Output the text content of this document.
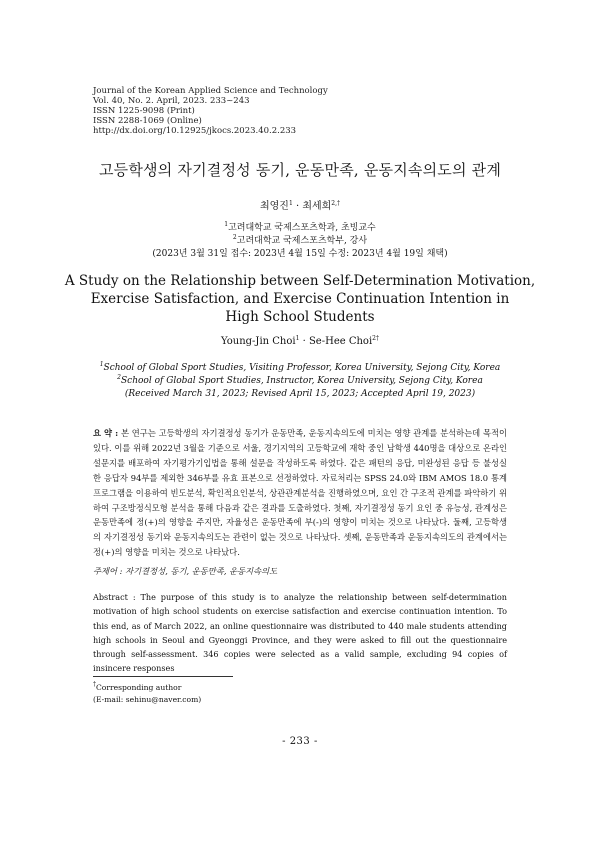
Journal of the Korean Applied Science and Technology
Vol. 40, No. 2. April, 2023. 233~243
ISSN 1225-9098 (Print)
ISSN 2288-1069 (Online)
http://dx.doi.org/10.12925/jkocs.2023.40.2.233
고등학생의 자기결정성 동기, 운동만족, 운동지속의도의 관계
최영진$^1$ · 최세희$^{2,\dagger}$
$^1$고려대학교 국제스포츠학과, 초빙교수
$^2$고려대학교 국제스포츠학부, 강사
(2023년 3월 31일 접수: 2023년 4월 15일 수정: 2023년 4월 19일 채택)
A Study on the Relationship between Self-Determination Motivation,
Exercise Satisfaction, and Exercise Continuation Intention in
High School Students
Young-Jin Choi$^1$ · Se-Hee Choi$^{2\dagger}$
$^1$School of Global Sport Studies, Visiting Professor, Korea University, Sejong City, Korea
$^2$School of Global Sport Studies, Instructor, Korea University, Sejong City, Korea
(Received March 31, 2023; Revised April 15, 2023; Accepted April 19, 2023)
요 약 : 본 연구는 고등학생의 자기결정성 동기가 운동만족, 운동지속의도에 미치는 영향 관계를 분석하는데 목적이 있다. 이를 위해 2022년 3월을 기준으로 서울, 경기지역의 고등학교에 재학 중인 남학생 440명을 대상으로 온라인 설문지를 배포하여 자기평가기입법을 통해 설문을 작성하도록 하였다. 같은 패턴의 응답, 미완성된 응답 등 불성실한 응답자 94부를 제외한 346부를 유효 표본으로 선정하였다. 자료처리는 SPSS 24.0와 IBM AMOS 18.0 통계 프로그램을 이용하여 빈도분석, 확인적요인분석, 상관관계분석을 진행하였으며, 요인 간 구조적 관계를 파악하기 위하여 구조방정식모형 분석을 통해 다음과 같은 결과를 도출하였다. 첫째, 자기결정성 동기 요인 중 유능성, 관계성은 운동만족에 정(+)의 영향을 주지만, 자율성은 운동만족에 부(-)의 영향이 미치는 것으로 나타났다. 둘째, 고등학생의 자기결정성 동기와 운동지속의도는 관련이 없는 것으로 나타났다. 셋째, 운동만족과 운동지속의도의 관계에서는 정(+)의 영향을 미치는 것으로 나타났다.
주제어 : 자기결정성, 동기, 운동만족, 운동지속의도
Abstract : The purpose of this study is to analyze the relationship between self-determination motivation of high school students on exercise satisfaction and exercise continuation intention. To this end, as of March 2022, an online questionnaire was distributed to 440 male students attending high schools in Seoul and Gyeonggi Province, and they were asked to fill out the questionnaire through self-assessment. 346 copies were selected as a valid sample, excluding 94 copies of insincere responses
†Corresponding author
(E-mail: sehinu@naver.com)
- 233 -
